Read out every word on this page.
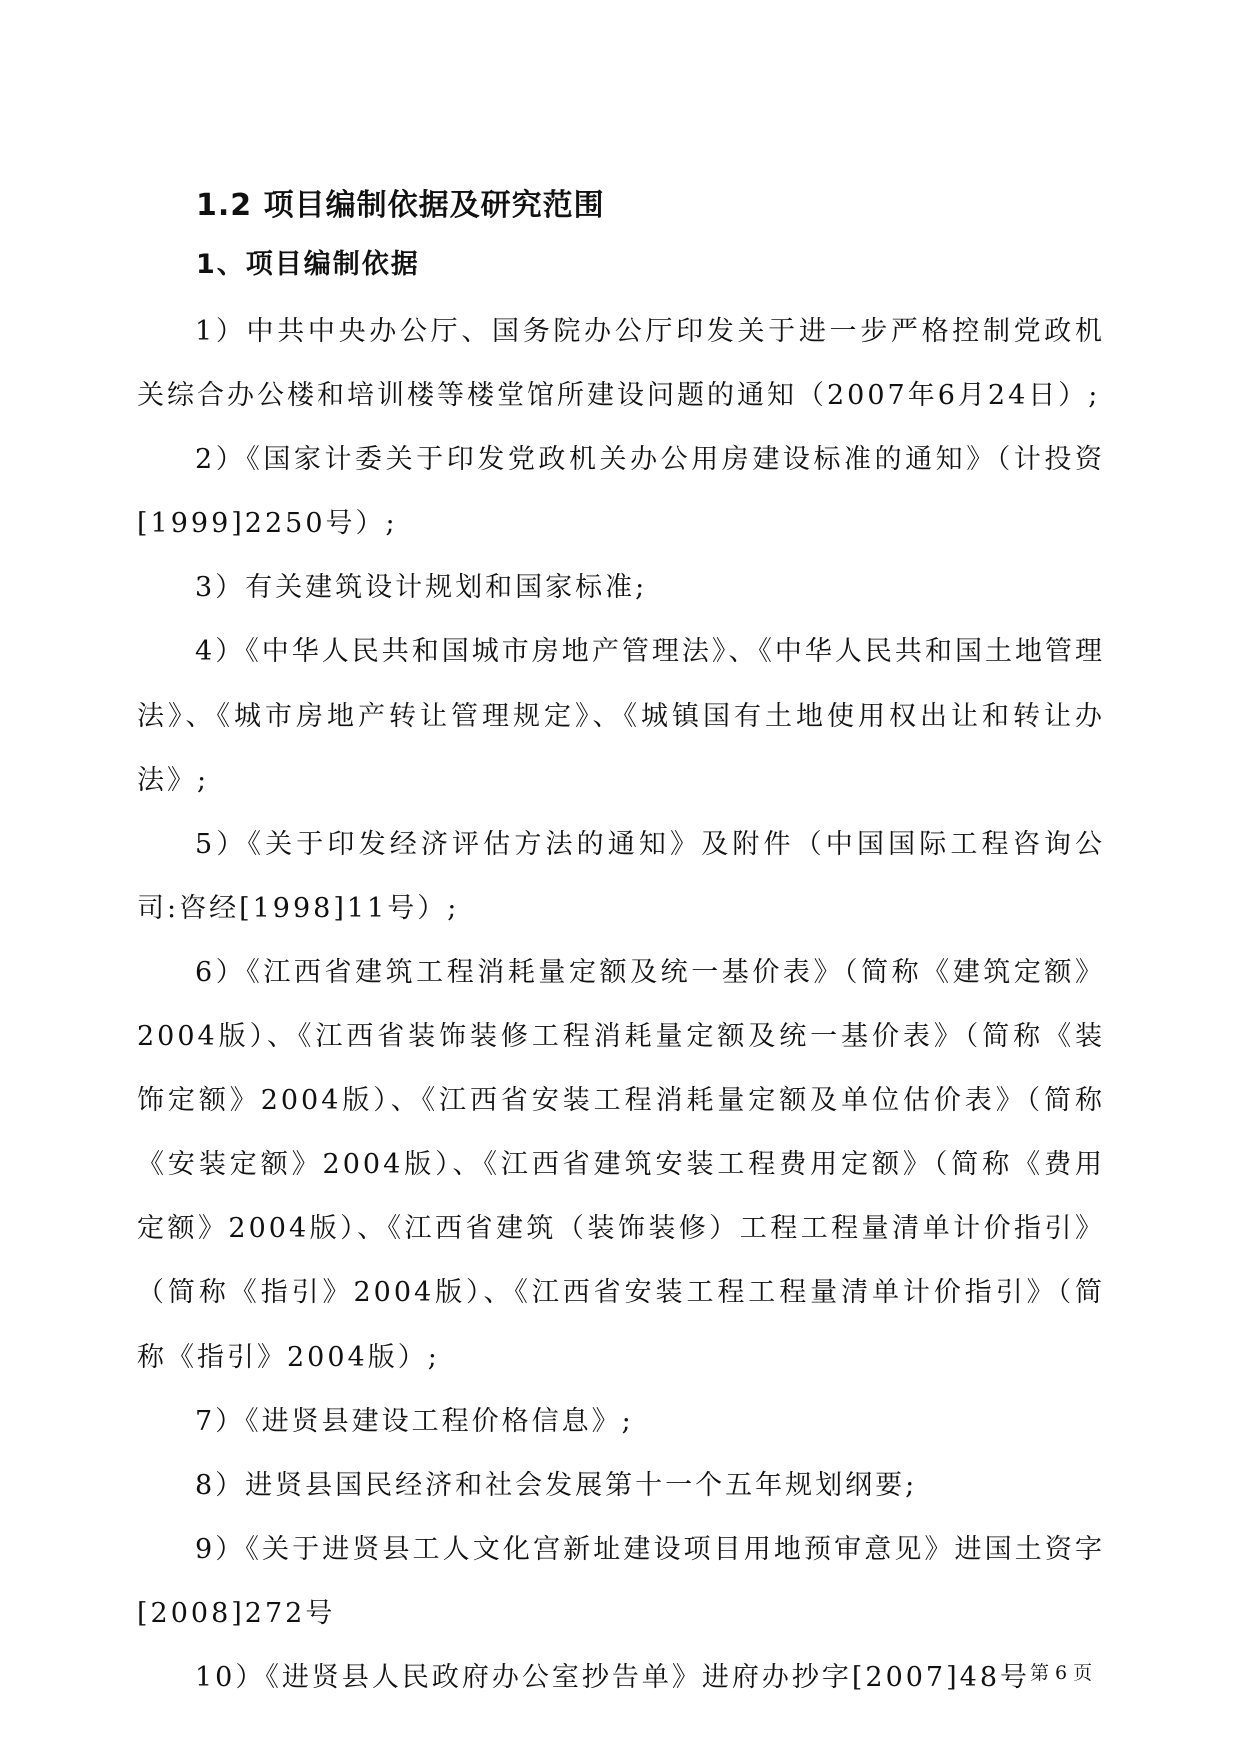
1.2 项目编制依据及研究范围
1、项目编制依据

1）中共中央办公厅、国务院办公厅印发关于进一步严格控制党政机关综合办公楼和培训楼等楼堂馆所建设问题的通知（2007年6月24日）;

2）《国家计委关于印发党政机关办公用房建设标准的通知》（计投资[1999]2250号）;

3）有关建筑设计规划和国家标准;

4）《中华人民共和国城市房地产管理法》、《中华人民共和国土地管理法》、《城市房地产转让管理规定》、《城镇国有土地使用权出让和转让办法》;

5）《关于印发经济评估方法的通知》及附件（中国国际工程咨询公司:咨经[1998]11号）;

6）《江西省建筑工程消耗量定额及统一基价表》（简称《建筑定额》2004版）、《江西省装饰装修工程消耗量定额及统一基价表》（简称《装饰定额》2004版）、《江西省安装工程消耗量定额及单位估价表》（简称《安装定额》2004版）、《江西省建筑安装工程费用定额》（简称《费用定额》2004版）、《江西省建筑（装饰装修）工程工程量清单计价指引》（简称《指引》2004版）、《江西省安装工程工程量清单计价指引》（简称《指引》2004版）;

7）《进贤县建设工程价格信息》;

8）进贤县国民经济和社会发展第十一个五年规划纲要;

9）《关于进贤县工人文化宫新址建设项目用地预审意见》进国土资字[2008]272号

10）《进贤县人民政府办公室抄告单》进府办抄字[2007]48号 第 6 页
